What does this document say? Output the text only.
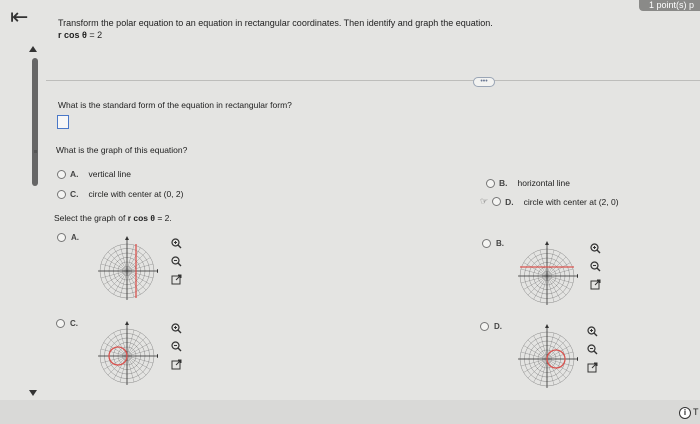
⇤	1 point(s) p
Transform the polar equation to an equation in rectangular coordinates. Then identify and graph the equation.
r cos θ = 2
•••
What is the standard form of the equation in rectangular form?
What is the graph of this equation?
A. vertical line
C. circle with center at (0, 2)
B. horizontal line
☞ D. circle with center at (2, 0)
Select the graph of r cos θ = 2.
A.
B.
C.	D.
i T
